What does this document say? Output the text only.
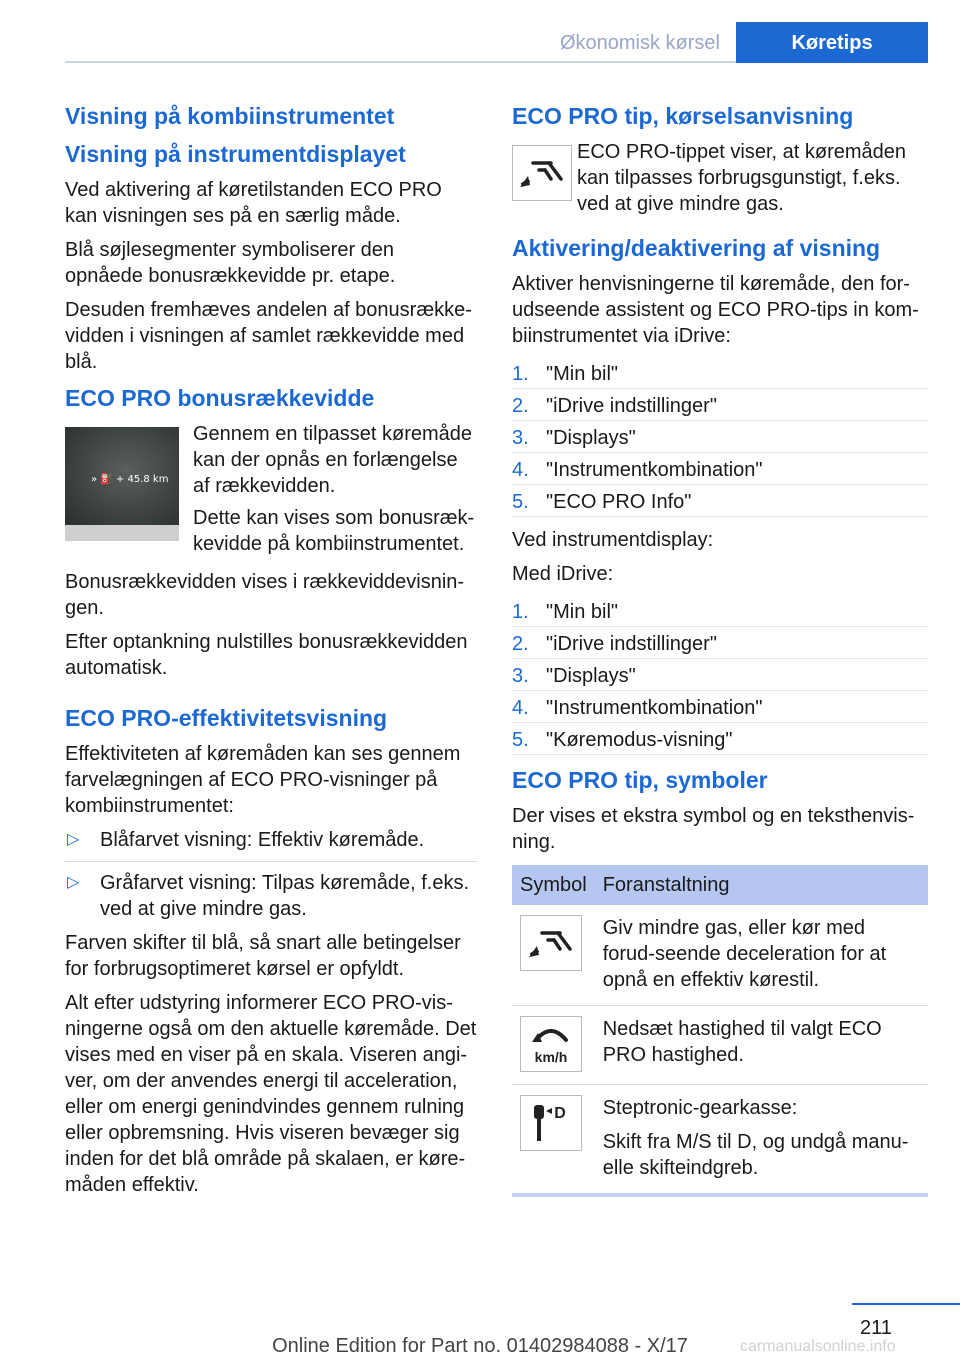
Økonomisk kørsel	Køretips
Visning på kombiinstrumentet
Visning på instrumentdisplayet

Ved aktivering af køretilstanden ECO PRO kan visningen ses på en særlig måde.

Blå søjlesegmenter symboliserer den opnåede bonusrækkevidde pr. etape.

Desuden fremhæves andelen af bonusrække-vidden i visningen af samlet rækkevidde med blå.

ECO PRO bonusrækkevidde
» ⛽ + 45.8 km

Gennem en tilpasset køremåde kan der opnås en forlængelse af rækkevidden.

Dette kan vises som bonusræk-kevidde på kombiinstrumentet.

Bonusrækkevidden vises i rækkeviddevisnin-gen.

Efter optankning nulstilles bonusrækkevidden automatisk.

ECO PRO-effektivitetsvisning

Effektiviteten af køremåden kan ses gennem farvelægningen af ECO PRO-visninger på kombiinstrumentet:

▷ Blåfarvet visning: Effektiv køremåde.
▷ Gråfarvet visning: Tilpas køremåde, f.eks. ved at give mindre gas.

Farven skifter til blå, så snart alle betingelser for forbrugsoptimeret kørsel er opfyldt.

Alt efter udstyring informerer ECO PRO-vis-ningerne også om den aktuelle køremåde. Det vises med en viser på en skala. Viseren angi-ver, om der anvendes energi til acceleration, eller om energi genindvindes gennem rulning eller opbremsning. Hvis viseren bevæger sig inden for det blå område på skalaen, er køre-måden effektiv.

ECO PRO tip, kørselsanvisning
ECO PRO-tippet viser, at køremåden kan tilpasses forbrugsgunstigt, f.eks. ved at give mindre gas.
Aktivering/deaktivering af visning

Aktiver henvisningerne til køremåde, den for-udseende assistent og ECO PRO-tips in kom-biinstrumentet via iDrive:

1. "Min bil"
2. "iDrive indstillinger"
3. "Displays"
4. "Instrumentkombination"
5. "ECO PRO Info"

Ved instrumentdisplay:

Med iDrive:

1. "Min bil"
2. "iDrive indstillinger"
3. "Displays"
4. "Instrumentkombination"
5. "Køremodus-visning"
ECO PRO tip, symboler

Der vises et ekstra symbol og en teksthenvis-ning.

Symbol	Foranstaltning

	Giv mindre gas, eller kør med forud-seende deceleration for at opnå en effektiv kørestil.

km/h	Nedsæt hastighed til valgt ECO PRO hastighed.

D	Steptronic-gearkasse:
Skift fra M/S til D, og undgå manu-elle skifteindgreb.
211
Online Edition for Part no. 01402984088 - X/17	carmanualsonline.info
